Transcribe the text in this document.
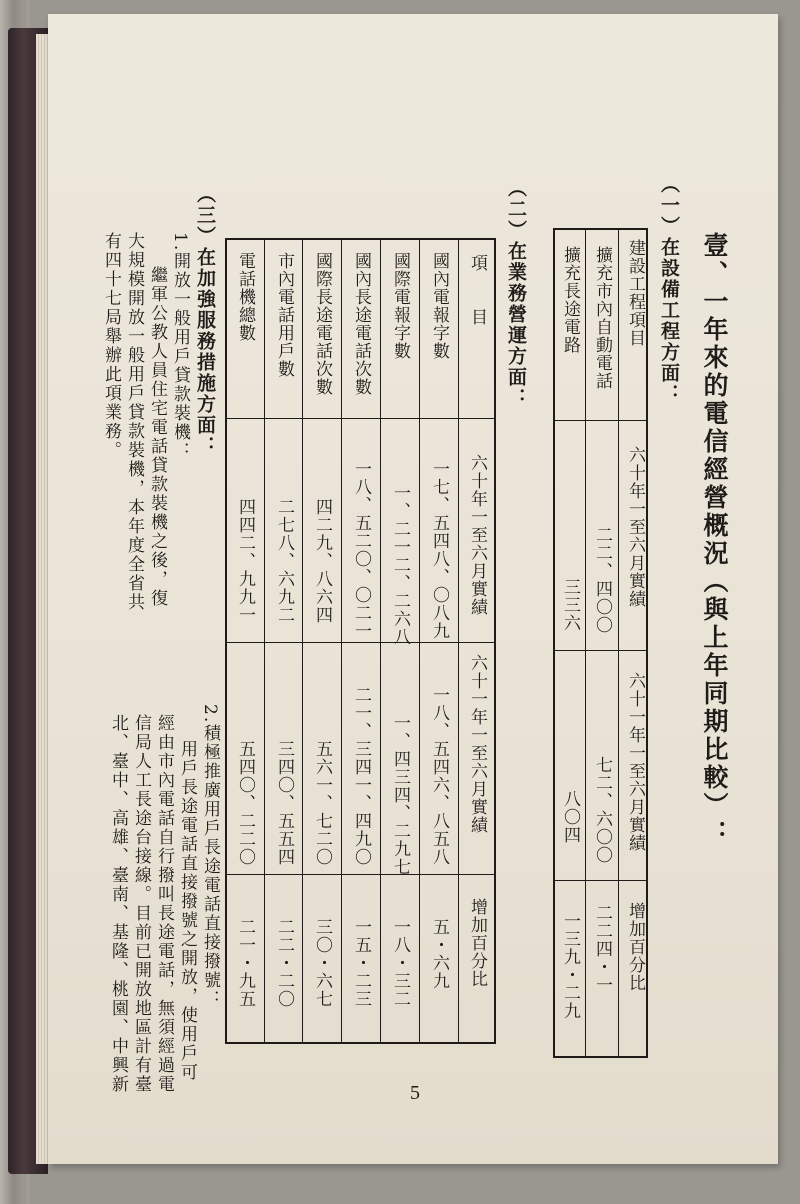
壹、一年來的電信經營概況（與上年同期比較）：
（一）在設備工程方面：
建設工程項目
六十年一至六月實績
六十一年一至六月實績
增加百分比
擴充市內自動電話
二二、四〇〇
七二、六〇〇
二二四・一
擴充長途電路
三三六
八〇四
一三九・二九
（二）在業務營運方面：
項　　目
六十年一至六月實績
六十一年一至六月實績
增加百分比
國內電報字數
一七、五四八、〇八九
一八、五四六、八五八
五・六九
國際電報字數
一、二一二、二六八
一、四三四、二九七
一八・三二
國內長途電話次數
一八、五二〇、〇二一
二一、三四一、四九〇
一五・二三
國際長途電話次數
四二九、八六四
五六一、七二〇
三〇・六七
市內電話用戶數
二七八、六九二
三四〇、五五四
二二・二〇
電話機總數
四四二、九九一
五四〇、二二〇
二一・九五
（三）在加強服務措施方面：
1.開放一般用戶貸款裝機：
繼軍公教人員住宅電話貸款裝機之後，復
大規模開放一般用戶貸款裝機，本年度全省共
有四十七局舉辦此項業務。
2.積極推廣用戶長途電話直接撥號：
用戶長途電話直接撥號之開放，使用戶可
經由市內電話自行撥叫長途電話，無須經過電
信局人工長途台接線。目前已開放地區計有臺
北、臺中、高雄、臺南、基隆、桃園、中興新	5
